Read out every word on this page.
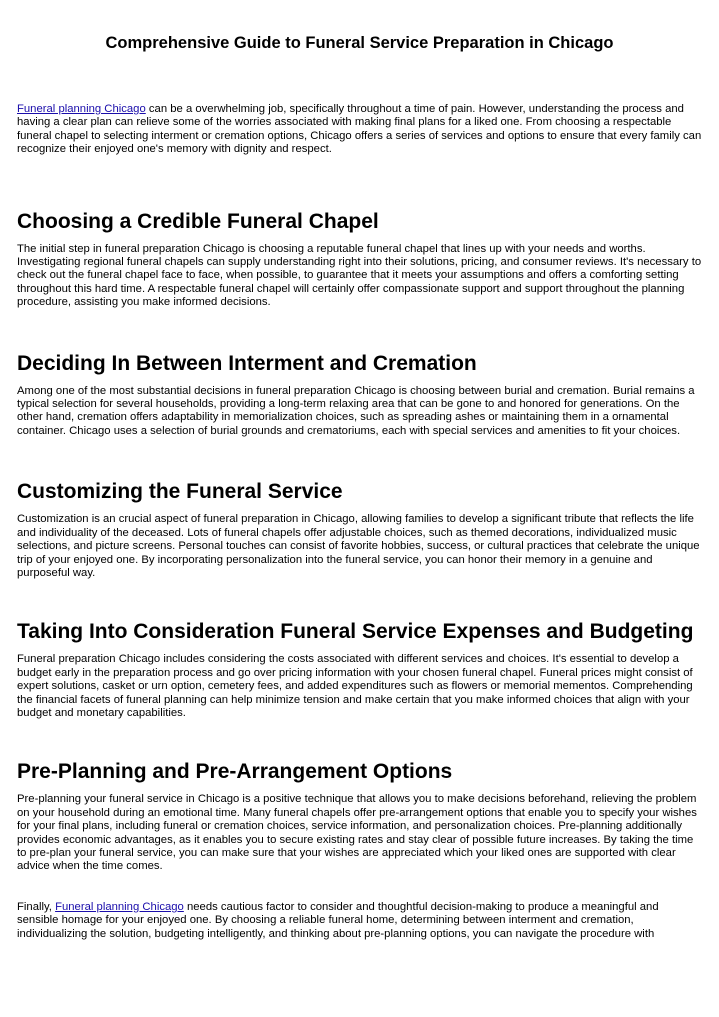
Comprehensive Guide to Funeral Service Preparation in Chicago

Funeral planning Chicago can be a overwhelming job, specifically throughout a time of pain. However, understanding the process and having a clear plan can relieve some of the worries associated with making final plans for a liked one. From choosing a respectable funeral chapel to selecting interment or cremation options, Chicago offers a series of services and options to ensure that every family can recognize their enjoyed one's memory with dignity and respect.

Choosing a Credible Funeral Chapel

The initial step in funeral preparation Chicago is choosing a reputable funeral chapel that lines up with your needs and worths. Investigating regional funeral chapels can supply understanding right into their solutions, pricing, and consumer reviews. It's necessary to check out the funeral chapel face to face, when possible, to guarantee that it meets your assumptions and offers a comforting setting throughout this hard time. A respectable funeral chapel will certainly offer compassionate support and support throughout the planning procedure, assisting you make informed decisions.

Deciding In Between Interment and Cremation

Among one of the most substantial decisions in funeral preparation Chicago is choosing between burial and cremation. Burial remains a typical selection for several households, providing a long-term relaxing area that can be gone to and honored for generations. On the other hand, cremation offers adaptability in memorialization choices, such as spreading ashes or maintaining them in a ornamental container. Chicago uses a selection of burial grounds and crematoriums, each with special services and amenities to fit your choices.

Customizing the Funeral Service

Customization is an crucial aspect of funeral preparation in Chicago, allowing families to develop a significant tribute that reflects the life and individuality of the deceased. Lots of funeral chapels offer adjustable choices, such as themed decorations, individualized music selections, and picture screens. Personal touches can consist of favorite hobbies, success, or cultural practices that celebrate the unique trip of your enjoyed one. By incorporating personalization into the funeral service, you can honor their memory in a genuine and purposeful way.

Taking Into Consideration Funeral Service Expenses and Budgeting

Funeral preparation Chicago includes considering the costs associated with different services and choices. It's essential to develop a budget early in the preparation process and go over pricing information with your chosen funeral chapel. Funeral prices might consist of expert solutions, casket or urn option, cemetery fees, and added expenditures such as flowers or memorial mementos. Comprehending the financial facets of funeral planning can help minimize tension and make certain that you make informed choices that align with your budget and monetary capabilities.

Pre-Planning and Pre-Arrangement Options

Pre-planning your funeral service in Chicago is a positive technique that allows you to make decisions beforehand, relieving the problem on your household during an emotional time. Many funeral chapels offer pre-arrangement options that enable you to specify your wishes for your final plans, including funeral or cremation choices, service information, and personalization choices. Pre-planning additionally provides economic advantages, as it enables you to secure existing rates and stay clear of possible future increases. By taking the time to pre-plan your funeral service, you can make sure that your wishes are appreciated which your liked ones are supported with clear advice when the time comes.

Finally, Funeral planning Chicago needs cautious factor to consider and thoughtful decision-making to produce a meaningful and sensible homage for your enjoyed one. By choosing a reliable funeral home, determining between interment and cremation, individualizing the solution, budgeting intelligently, and thinking about pre-planning options, you can navigate the procedure with
